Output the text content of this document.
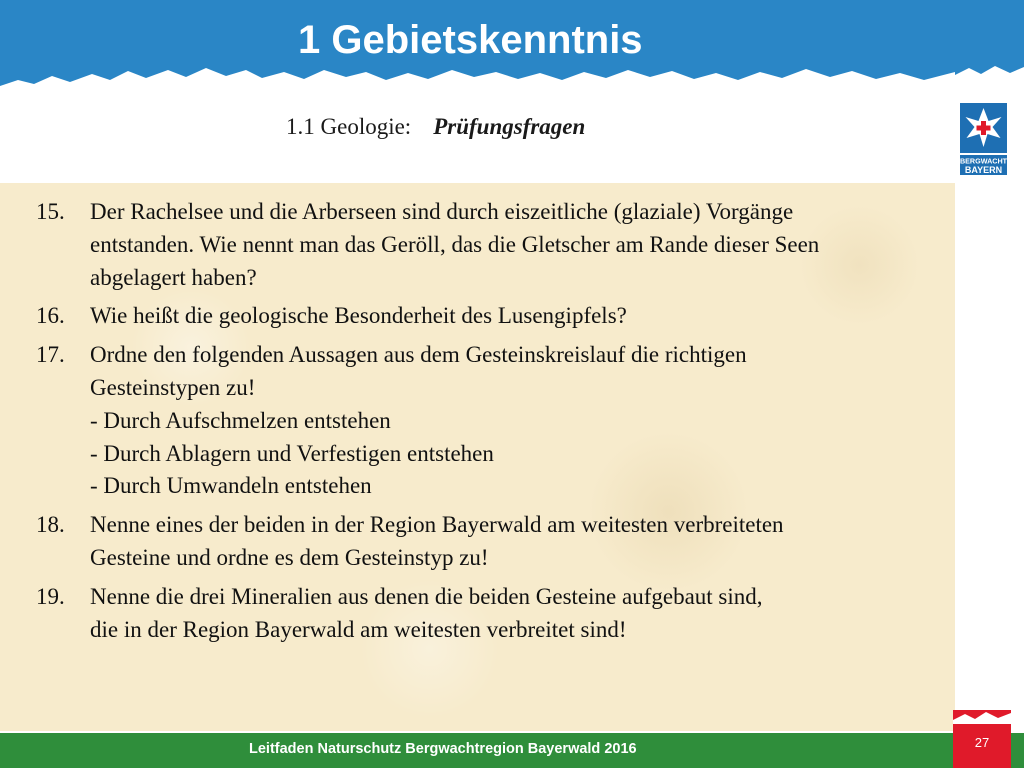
1 Gebietskenntnis
BERGWACHT
BAYERN
1.1 Geologie: Prüfungsfragen
15. Der Rachelsee und die Arberseen sind durch eiszeitliche (glaziale) Vorgänge
entstanden. Wie nennt man das Geröll, das die Gletscher am Rande dieser Seen
abgelagert haben?
16. Wie heißt die geologische Besonderheit des Lusengipfels?
17. Ordne den folgenden Aussagen aus dem Gesteinskreislauf die richtigen
Gesteinstypen zu!
- Durch Aufschmelzen entstehen
- Durch Ablagern und Verfestigen entstehen
- Durch Umwandeln entstehen
18. Nenne eines der beiden in der Region Bayerwald am weitesten verbreiteten
Gesteine und ordne es dem Gesteinstyp zu!
19. Nenne die drei Mineralien aus denen die beiden Gesteine aufgebaut sind,
die in der Region Bayerwald am weitesten verbreitet sind!
Leitfaden Naturschutz Bergwachtregion Bayerwald 2016	27
